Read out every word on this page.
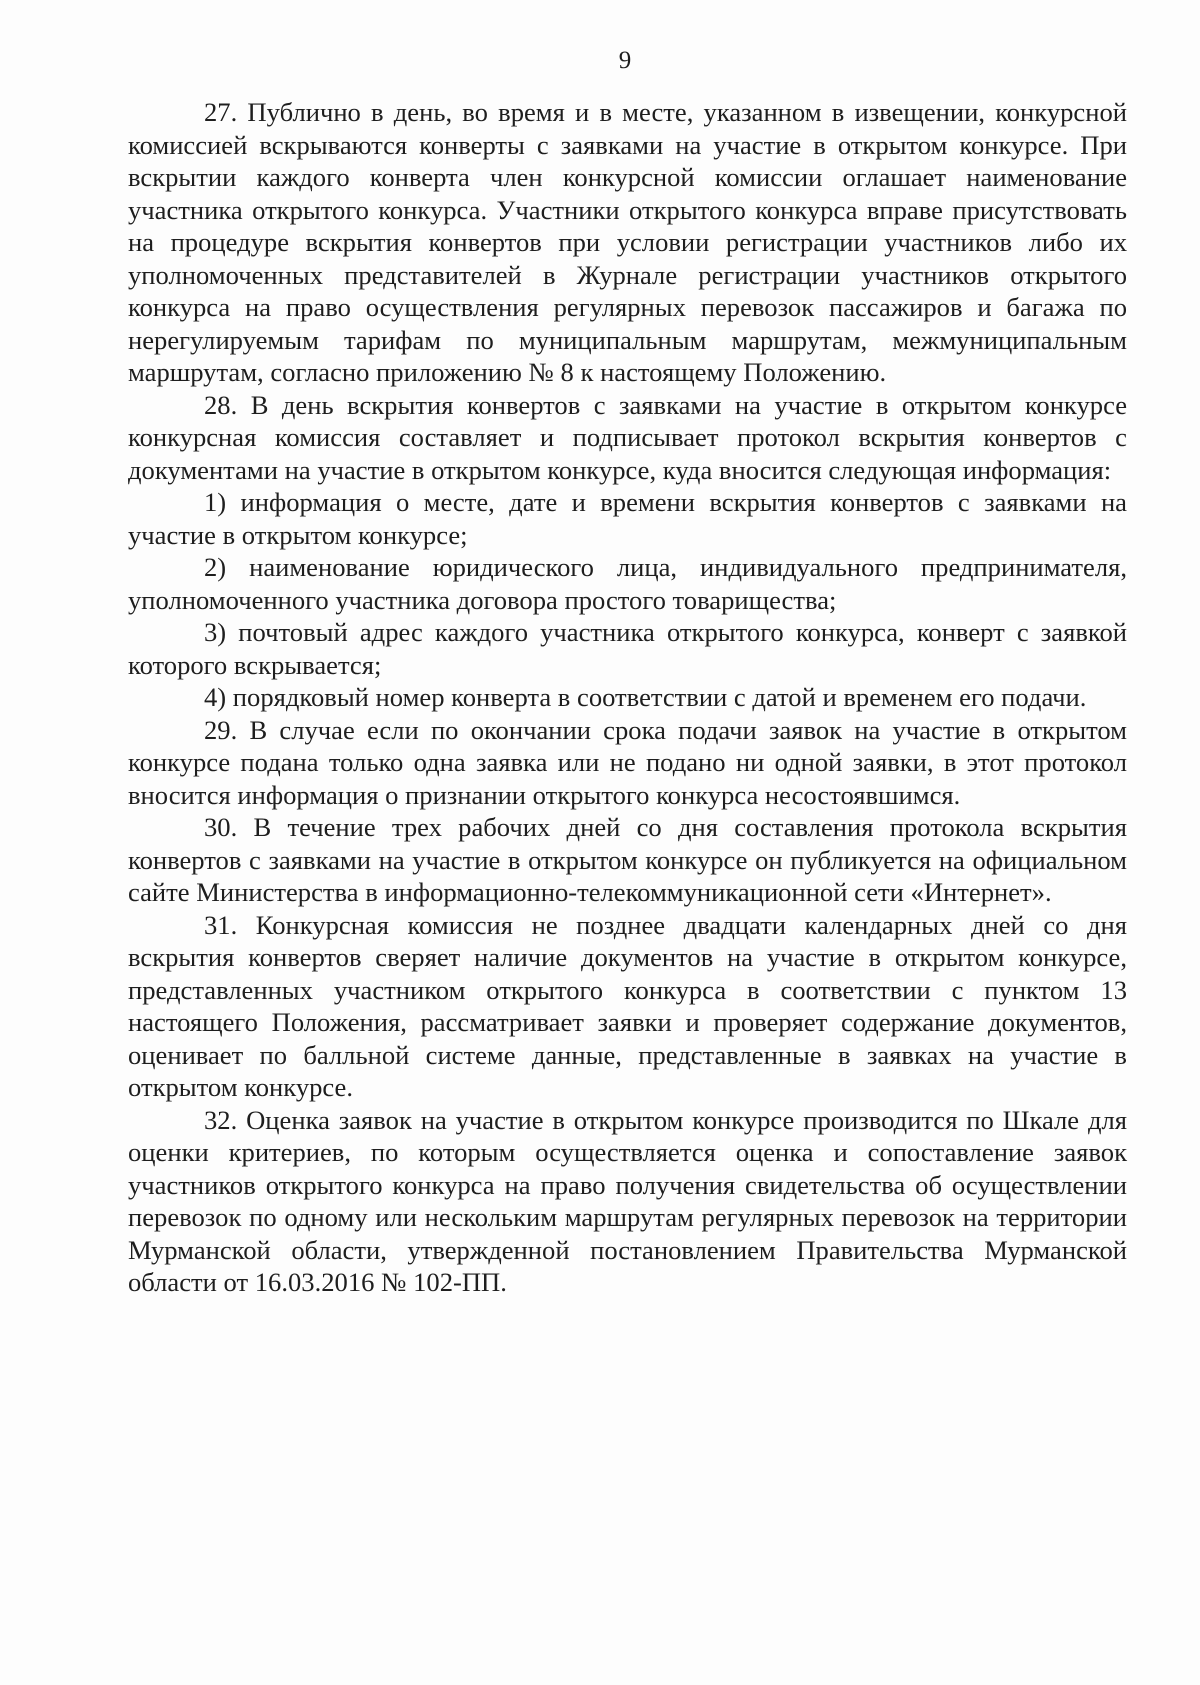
9

27. Публично в день, во время и в месте, указанном в извещении, конкурсной комиссией вскрываются конверты с заявками на участие в открытом конкурсе. При вскрытии каждого конверта член конкурсной комиссии оглашает наименование участника открытого конкурса. Участники открытого конкурса вправе присутствовать на процедуре вскрытия конвертов при условии регистрации участников либо их уполномоченных представителей в Журнале регистрации участников открытого конкурса на право осуществления регулярных перевозок пассажиров и багажа по нерегулируемым тарифам по муниципальным маршрутам, межмуниципальным маршрутам, согласно приложению № 8 к настоящему Положению.

28. В день вскрытия конвертов с заявками на участие в открытом конкурсе конкурсная комиссия составляет и подписывает протокол вскрытия конвертов с документами на участие в открытом конкурсе, куда вносится следующая информация:

1) информация о месте, дате и времени вскрытия конвертов с заявками на участие в открытом конкурсе;

2) наименование юридического лица, индивидуального предпринимателя, уполномоченного участника договора простого товарищества;

3) почтовый адрес каждого участника открытого конкурса, конверт с заявкой которого вскрывается;

4) порядковый номер конверта в соответствии с датой и временем его подачи.

29. В случае если по окончании срока подачи заявок на участие в открытом конкурсе подана только одна заявка или не подано ни одной заявки, в этот протокол вносится информация о признании открытого конкурса несостоявшимся.

30. В течение трех рабочих дней со дня составления протокола вскрытия конвертов с заявками на участие в открытом конкурсе он публикуется на официальном сайте Министерства в информационно-телекоммуникационной сети «Интернет».

31. Конкурсная комиссия не позднее двадцати календарных дней со дня вскрытия конвертов сверяет наличие документов на участие в открытом конкурсе, представленных участником открытого конкурса в соответствии с пунктом 13 настоящего Положения, рассматривает заявки и проверяет содержание документов, оценивает по балльной системе данные, представленные в заявках на участие в открытом конкурсе.

32. Оценка заявок на участие в открытом конкурсе производится по Шкале для оценки критериев, по которым осуществляется оценка и сопоставление заявок участников открытого конкурса на право получения свидетельства об осуществлении перевозок по одному или нескольким маршрутам регулярных перевозок на территории Мурманской области, утвержденной постановлением Правительства Мурманской области от 16.03.2016 № 102-ПП.
